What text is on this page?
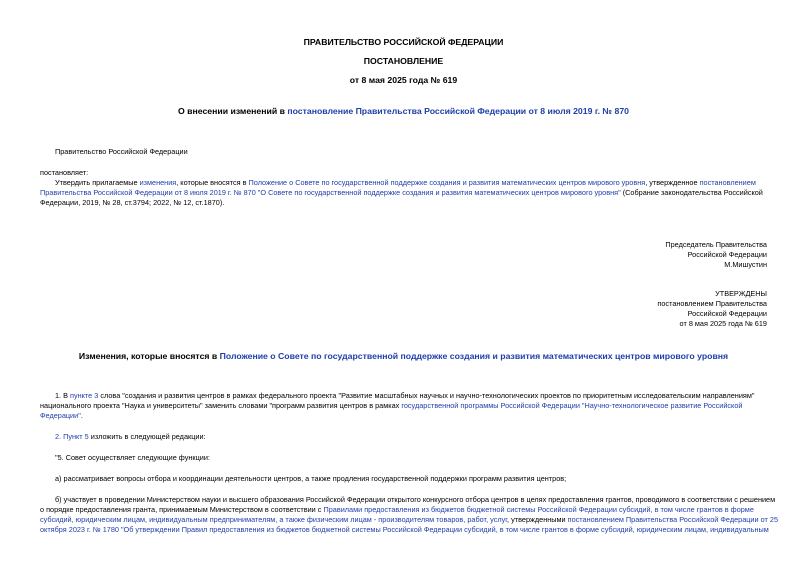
ПРАВИТЕЛЬСТВО РОССИЙСКОЙ ФЕДЕРАЦИИ
ПОСТАНОВЛЕНИЕ
от 8 мая 2025 года № 619
О внесении изменений в постановление Правительства Российской Федерации от 8 июля 2019 г. № 870
Правительство Российской Федерации
постановляет:
Утвердить прилагаемые изменения, которые вносятся в Положение о Совете по государственной поддержке создания и развития математических центров мирового уровня, утвержденное постановлением
Правительства Российской Федерации от 8 июля 2019 г. № 870 "О Совете по государственной поддержке создания и развития математических центров мирового уровня" (Собрание законодательства Российской
Федерации, 2019, № 28, ст.3794; 2022, № 12, ст.1870).
Председатель Правительства
Российской Федерации
М.Мишустин
УТВЕРЖДЕНЫ
постановлением Правительства
Российской Федерации
от 8 мая 2025 года № 619
Изменения, которые вносятся в Положение о Совете по государственной поддержке создания и развития математических центров мирового уровня
1. В пункте 3 слова "создания и развития центров в рамках федерального проекта "Развитие масштабных научных и научно-технологических проектов по приоритетным исследовательским направлениям"
национального проекта "Наука и университеты" заменить словами "программ развития центров в рамках государственной программы Российской Федерации "Научно-технологическое развитие Российской
Федерации".
2. Пункт 5 изложить в следующей редакции:
"5. Совет осуществляет следующие функции:
а) рассматривает вопросы отбора и координации деятельности центров, а также продления государственной поддержки программ развития центров;
б) участвует в проведении Министерством науки и высшего образования Российской Федерации открытого конкурсного отбора центров в целях предоставления грантов, проводимого в соответствии с решением
о порядке предоставления гранта, принимаемым Министерством в соответствии с Правилами предоставления из бюджетов бюджетной системы Российской Федерации субсидий, в том числе грантов в форме
субсидий, юридическим лицам, индивидуальным предпринимателям, а также физическим лицам - производителям товаров, работ, услуг, утвержденными постановлением Правительства Российской Федерации от 25
октября 2023 г. № 1780 "Об утверждении Правил предоставления из бюджетов бюджетной системы Российской Федерации субсидий, в том числе грантов в форме субсидий, юридическим лицам, индивидуальным
